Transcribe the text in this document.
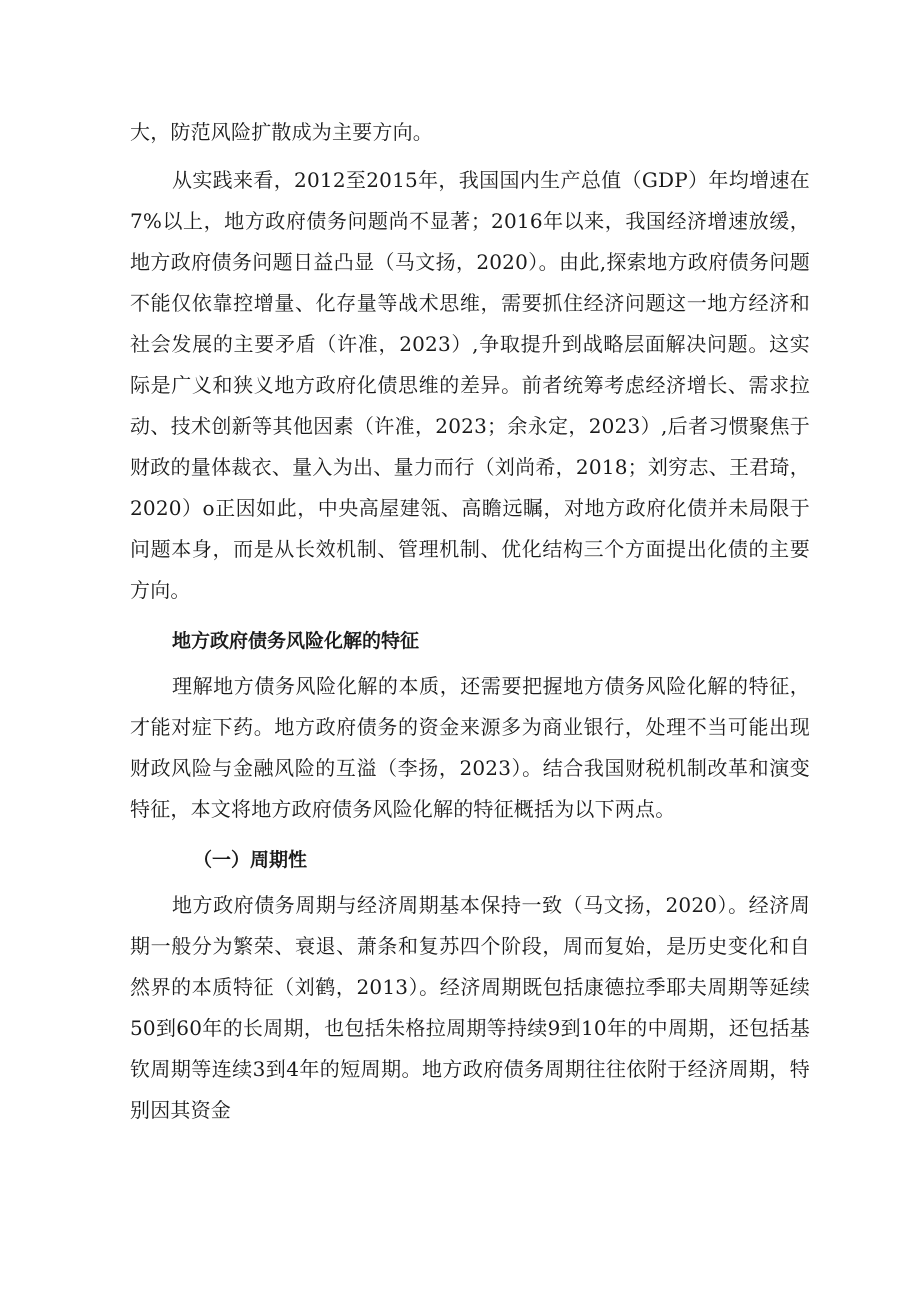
大，防范风险扩散成为主要方向。

从实践来看，2012至2015年，我国国内生产总值（GDP）年均增速在7%以上，地方政府债务问题尚不显著；2016年以来，我国经济增速放缓，地方政府债务问题日益凸显（马文扬，2020）。由此,探索地方政府债务问题不能仅依靠控增量、化存量等战术思维，需要抓住经济问题这一地方经济和社会发展的主要矛盾（许准，2023）,争取提升到战略层面解决问题。这实际是广义和狭义地方政府化债思维的差异。前者统筹考虑经济增长、需求拉动、技术创新等其他因素（许准，2023；余永定，2023）,后者习惯聚焦于财政的量体裁衣、量入为出、量力而行（刘尚希，2018；刘穷志、王君琦，2020）o正因如此，中央高屋建瓴、高瞻远瞩，对地方政府化债并未局限于问题本身，而是从长效机制、管理机制、优化结构三个方面提出化债的主要方向。

地方政府债务风险化解的特征

理解地方债务风险化解的本质，还需要把握地方债务风险化解的特征，才能对症下药。地方政府债务的资金来源多为商业银行，处理不当可能出现财政风险与金融风险的互溢（李扬，2023）。结合我国财税机制改革和演变特征，本文将地方政府债务风险化解的特征概括为以下两点。

（一）周期性

地方政府债务周期与经济周期基本保持一致（马文扬，2020）。经济周期一般分为繁荣、衰退、萧条和复苏四个阶段，周而复始，是历史变化和自然界的本质特征（刘鹤，2013）。经济周期既包括康德拉季耶夫周期等延续50到60年的长周期，也包括朱格拉周期等持续9到10年的中周期，还包括基钦周期等连续3到4年的短周期。地方政府债务周期往往依附于经济周期，特别因其资金
